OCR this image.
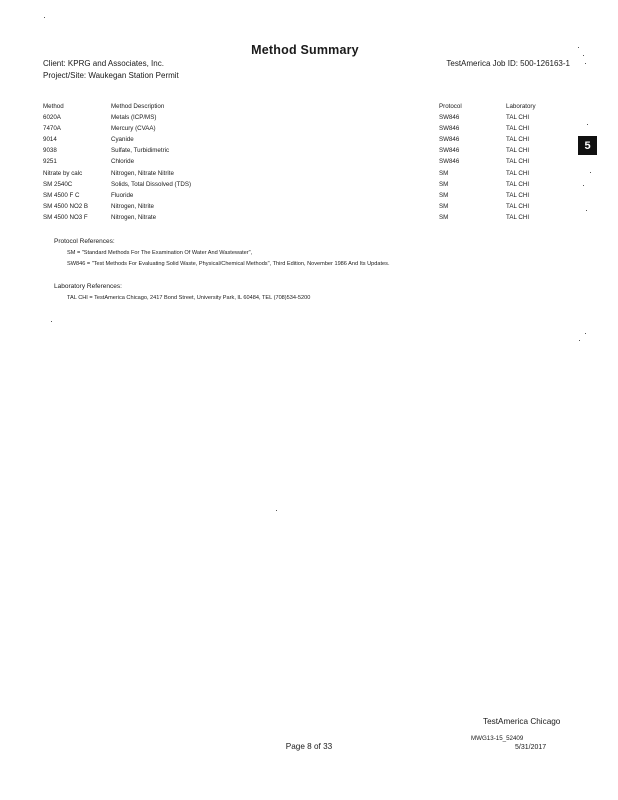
Method Summary
Client: KPRG and Associates, Inc.
Project/Site: Waukegan Station Permit
TestAmerica Job ID: 500-126163-1
5
Method	Method Description	Protocol	Laboratory
6020A	Metals (ICP/MS)	SW846	TAL CHI
7470A	Mercury (CVAA)	SW846	TAL CHI
9014	Cyanide	SW846	TAL CHI
9038	Sulfate, Turbidimetric	SW846	TAL CHI
9251	Chloride	SW846	TAL CHI
Nitrate by calc	Nitrogen, Nitrate Nitrite	SM	TAL CHI
SM 2540C	Solids, Total Dissolved (TDS)	SM	TAL CHI
SM 4500 F C	Fluoride	SM	TAL CHI
SM 4500 NO2 B	Nitrogen, Nitrite	SM	TAL CHI
SM 4500 NO3 F	Nitrogen, Nitrate	SM	TAL CHI
Protocol References:
SM = "Standard Methods For The Examination Of Water And Wastewater",
SW846 = "Test Methods For Evaluating Solid Waste, Physical/Chemical Methods", Third Edition, November 1986 And Its Updates.
Laboratory References:
TAL CHI = TestAmerica Chicago, 2417 Bond Street, University Park, IL 60484, TEL (708)534-5200
TestAmerica Chicago
MWG13-15_52409
Page 8 of 33	5/31/2017
